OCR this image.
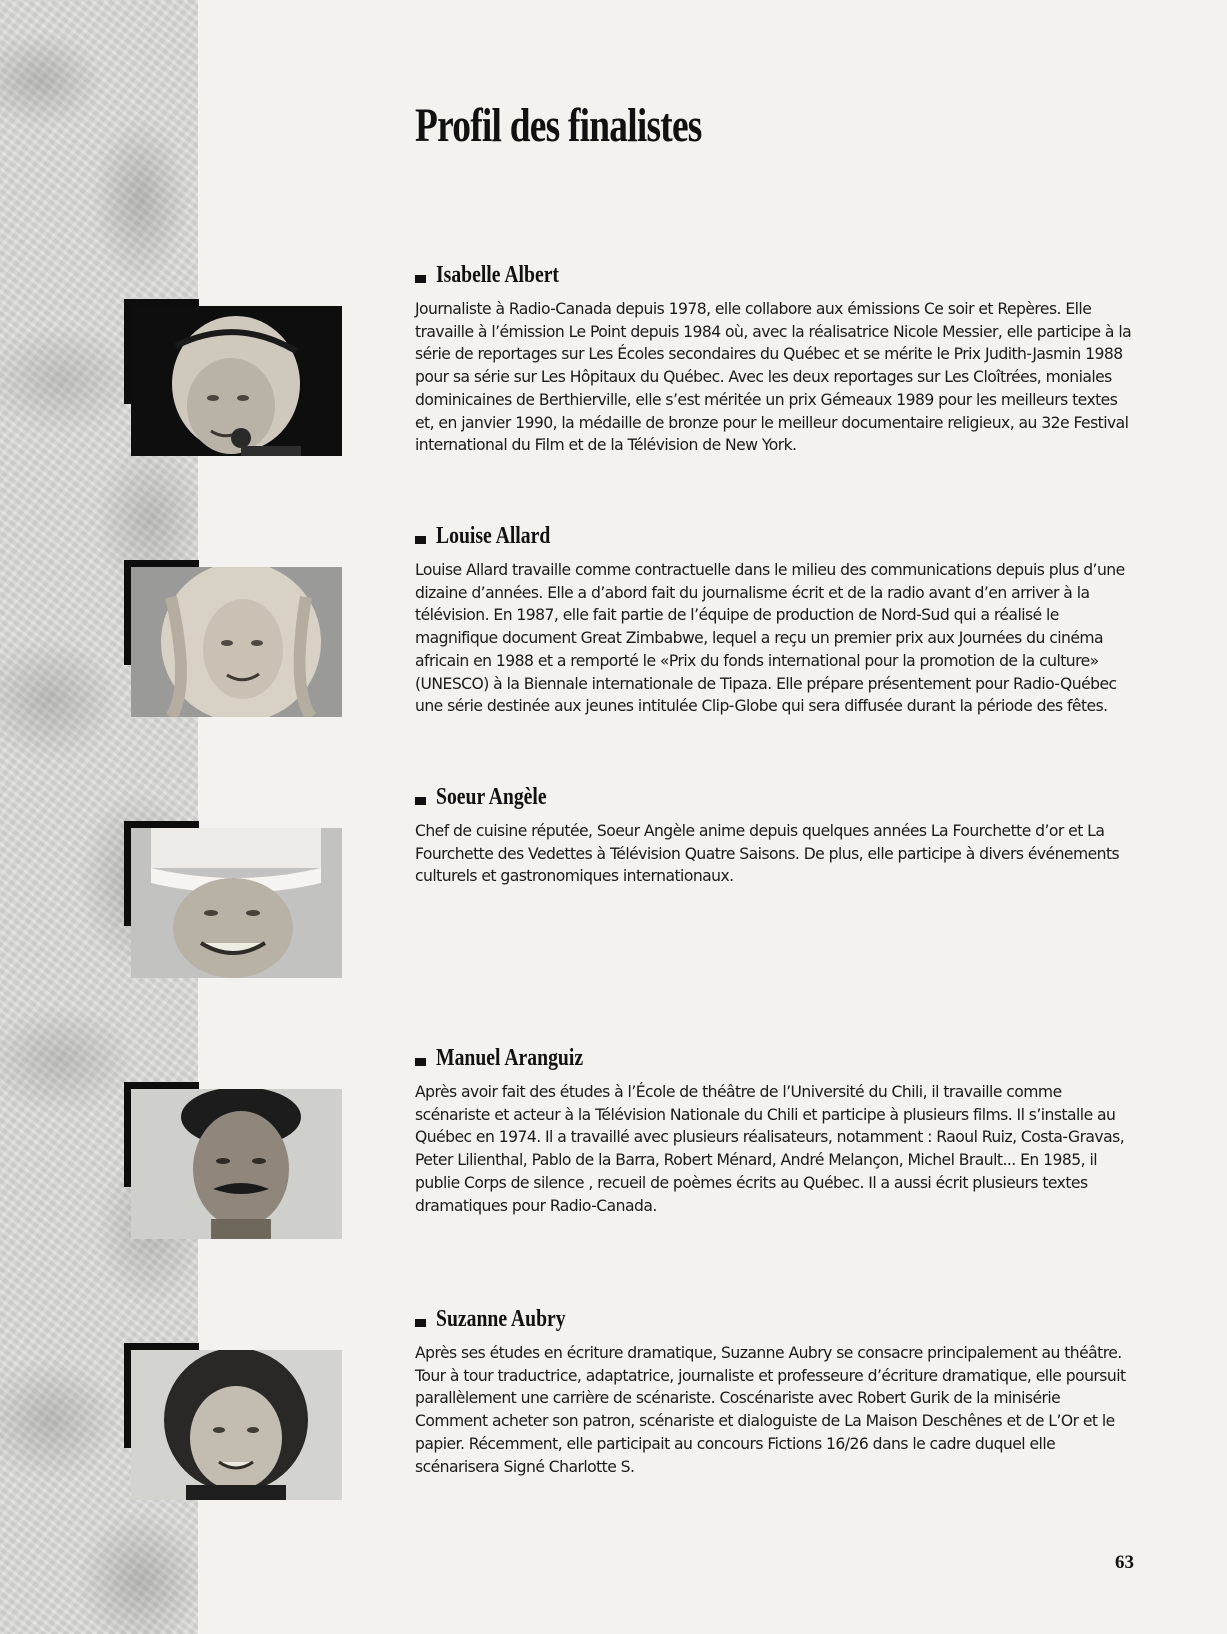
Profil des finalistes
Isabelle Albert

Journaliste à Radio-Canada depuis 1978, elle collabore aux émissions Ce soir et Repères. Elle travaille à l’émission Le Point depuis 1984 où, avec la réalisatrice Nicole Messier, elle participe à la série de reportages sur Les Écoles secondaires du Québec et se mérite le Prix Judith-Jasmin 1988 pour sa série sur Les Hôpitaux du Québec. Avec les deux reportages sur Les Cloîtrées, moniales dominicaines de Berthierville, elle s’est méritée un prix Gémeaux 1989 pour les meilleurs textes et, en janvier 1990, la médaille de bronze pour le meilleur documentaire religieux, au 32e Festival international du Film et de la Télévision de New York.

Louise Allard

Louise Allard travaille comme contractuelle dans le milieu des communications depuis plus d’une dizaine d’années. Elle a d’abord fait du journalisme écrit et de la radio avant d’en arriver à la télévision. En 1987, elle fait partie de l’équipe de production de Nord-Sud qui a réalisé le magnifique document Great Zimbabwe, lequel a reçu un premier prix aux Journées du cinéma africain en 1988 et a remporté le «Prix du fonds international pour la promotion de la culture» (UNESCO) à la Biennale internationale de Tipaza. Elle prépare présentement pour Radio-Québec une série destinée aux jeunes intitulée Clip-Globe qui sera diffusée durant la période des fêtes.

Soeur Angèle

Chef de cuisine réputée, Soeur Angèle anime depuis quelques années La Fourchette d’or et La Fourchette des Vedettes à Télévision Quatre Saisons. De plus, elle participe à divers événements culturels et gastronomiques internationaux.

Manuel Aranguiz

Après avoir fait des études à l’École de théâtre de l’Université du Chili, il travaille comme scénariste et acteur à la Télévision Nationale du Chili et participe à plusieurs films. Il s’installe au Québec en 1974. Il a travaillé avec plusieurs réalisateurs, notamment : Raoul Ruiz, Costa-Gravas, Peter Lilienthal, Pablo de la Barra, Robert Ménard, André Melançon, Michel Brault... En 1985, il publie Corps de silence , recueil de poèmes écrits au Québec. Il a aussi écrit plusieurs textes dramatiques pour Radio-Canada.

Suzanne Aubry

Après ses études en écriture dramatique, Suzanne Aubry se consacre principalement au théâtre. Tour à tour traductrice, adaptatrice, journaliste et professeure d’écriture dramatique, elle poursuit parallèlement une carrière de scénariste. Coscénariste avec Robert Gurik de la minisérie Comment acheter son patron, scénariste et dialoguiste de La Maison Deschênes et de L’Or et le papier. Récemment, elle participait au concours Fictions 16/26 dans le cadre duquel elle scénarisera Signé Charlotte S.

63
